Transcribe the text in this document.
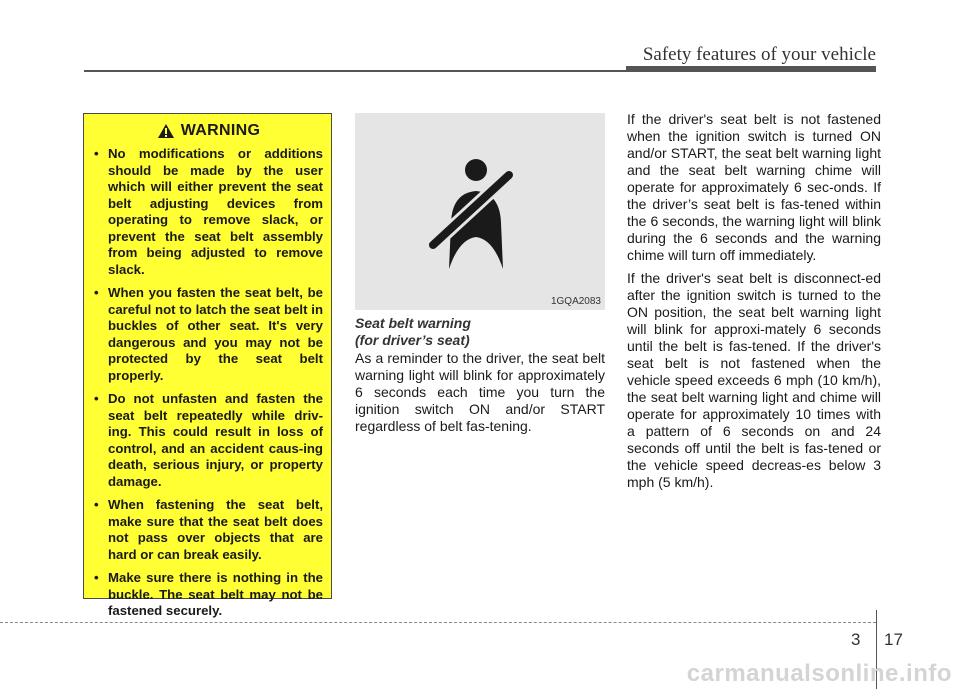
Safety features of your vehicle
WARNING
• No modifications or additions should be made by the user which will either prevent the seat belt adjusting devices from operating to remove slack, or prevent the seat belt assembly from being adjusted to remove slack.
• When you fasten the seat belt, be careful not to latch the seat belt in buckles of other seat. It's very dangerous and you may not be protected by the seat belt properly.
• Do not unfasten and fasten the seat belt repeatedly while driv-ing. This could result in loss of control, and an accident caus-ing death, serious injury, or property damage.
• When fastening the seat belt, make sure that the seat belt does not pass over objects that are hard or can break easily.
• Make sure there is nothing in the buckle. The seat belt may not be fastened securely.
1GQA2083
Seat belt warning
(for driver’s seat)

As a reminder to the driver, the seat belt warning light will blink for approximately 6 seconds each time you turn the ignition switch ON and/or START regardless of belt fas-tening.

If the driver's seat belt is not fastened when the ignition switch is turned ON and/or START, the seat belt warning light and the seat belt warning chime will operate for approximately 6 sec-onds. If the driver’s seat belt is fas-tened within the 6 seconds, the warning light will blink during the 6 seconds and the warning chime will turn off immediately.

If the driver's seat belt is disconnect-ed after the ignition switch is turned to the ON position, the seat belt warning light will blink for approxi-mately 6 seconds until the belt is fas-tened. If the driver's seat belt is not fastened when the vehicle speed exceeds 6 mph (10 km/h), the seat belt warning light and chime will operate for approximately 10 times with a pattern of 6 seconds on and 24 seconds off until the belt is fas-tened or the vehicle speed decreas-es below 3 mph (5 km/h).

3 17
carmanualsonline.info
